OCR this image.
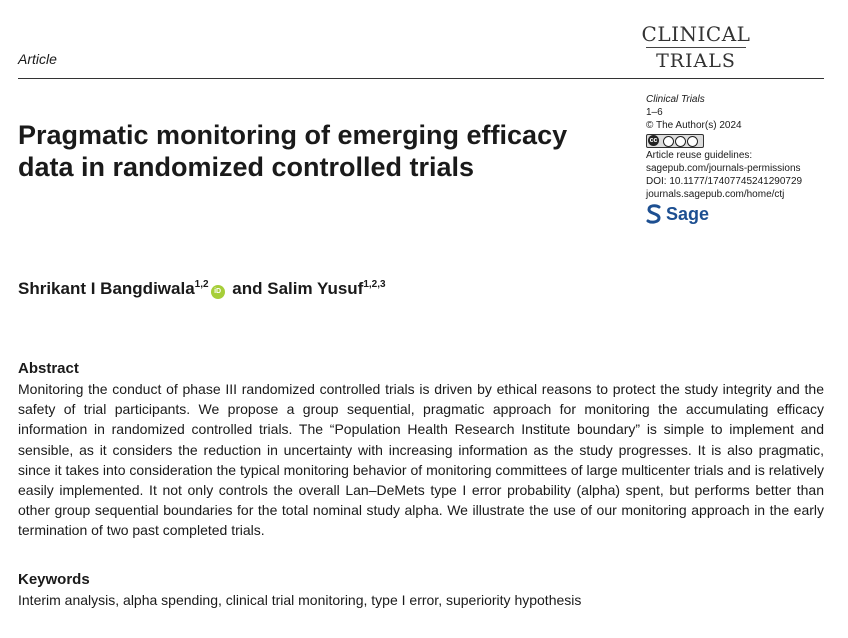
Article
CLINICAL
TRIALS
Pragmatic monitoring of emerging efficacy data in randomized controlled trials
Clinical Trials
1–6
© The Author(s) 2024
cc
Article reuse guidelines:
sagepub.com/journals-permissions
DOI: 10.1177/17407745241290729
journals.sagepub.com/home/ctj
Sage
Shrikant I Bangdiwala$^{1,2}$iD and Salim Yusuf$^{1,2,3}$
Abstract

Monitoring the conduct of phase III randomized controlled trials is driven by ethical reasons to protect the study integrity and the safety of trial participants. We propose a group sequential, pragmatic approach for monitoring the accumulating efficacy information in randomized controlled trials. The “Population Health Research Institute boundary” is simple to implement and sensible, as it considers the reduction in uncertainty with increasing information as the study progresses. It is also pragmatic, since it takes into consideration the typical monitoring behavior of monitoring committees of large multicenter trials and is relatively easily implemented. It not only controls the overall Lan–DeMets type I error probability (alpha) spent, but performs better than other group sequential boundaries for the total nominal study alpha. We illustrate the use of our monitoring approach in the early termination of two past completed trials.

Keywords
Interim analysis, alpha spending, clinical trial monitoring, type I error, superiority hypothesis
